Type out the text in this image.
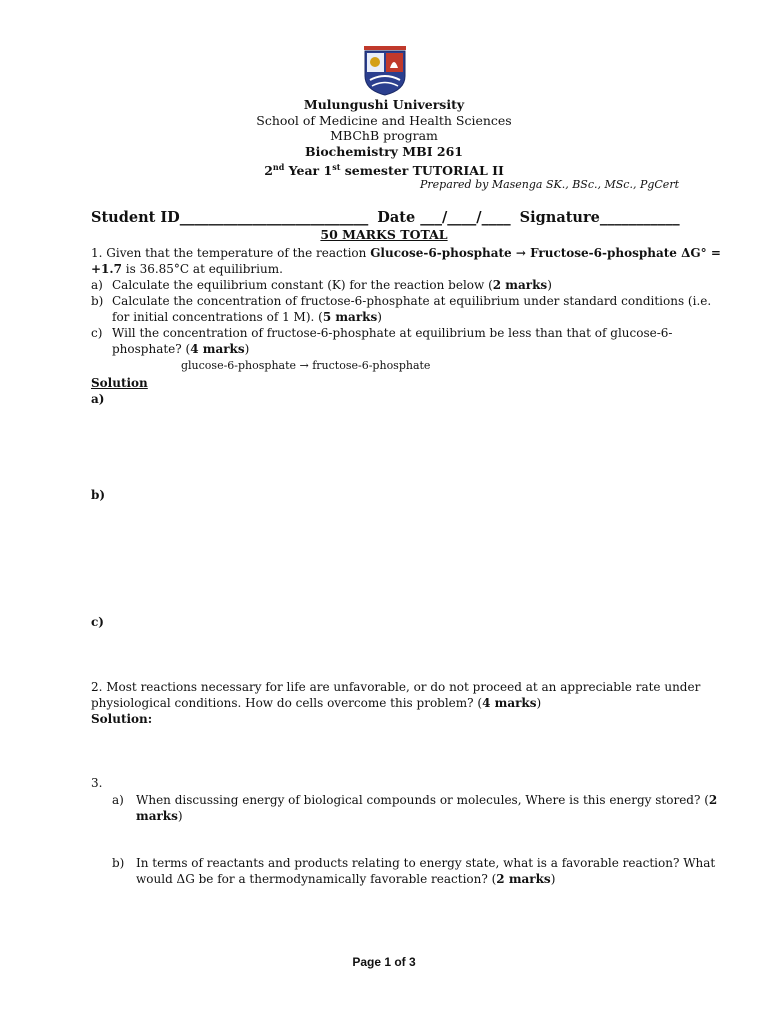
Mulungushi University
School of Medicine and Health Sciences
MBChB program
Biochemistry MBI 261
2nd Year 1st semester TUTORIAL II
Prepared by Masenga SK., BSc., MSc., PgCert
Student ID__________________________ Date ___/____/____ Signature___________
50 MARKS TOTAL
1. Given that the temperature of the reaction Glucose-6-phosphate → Fructose-6-phosphate ΔG° =
+1.7 is 36.85°C at equilibrium.
a) Calculate the equilibrium constant (K) for the reaction below (2 marks)
b) Calculate the concentration of fructose-6-phosphate at equilibrium under standard conditions (i.e.
for initial concentrations of 1 M). (5 marks)
c) Will the concentration of fructose-6-phosphate at equilibrium be less than that of glucose-6-
phosphate? (4 marks)
glucose-6-phosphate → fructose-6-phosphate
Solution
a)
b)
c)
2. Most reactions necessary for life are unfavorable, or do not proceed at an appreciable rate under
physiological conditions. How do cells overcome this problem? (4 marks)
Solution:
3.
a) When discussing energy of biological compounds or molecules, Where is this energy stored? (2
marks)
b) In terms of reactants and products relating to energy state, what is a favorable reaction? What
would ΔG be for a thermodynamically favorable reaction? (2 marks)
Page 1 of 3
